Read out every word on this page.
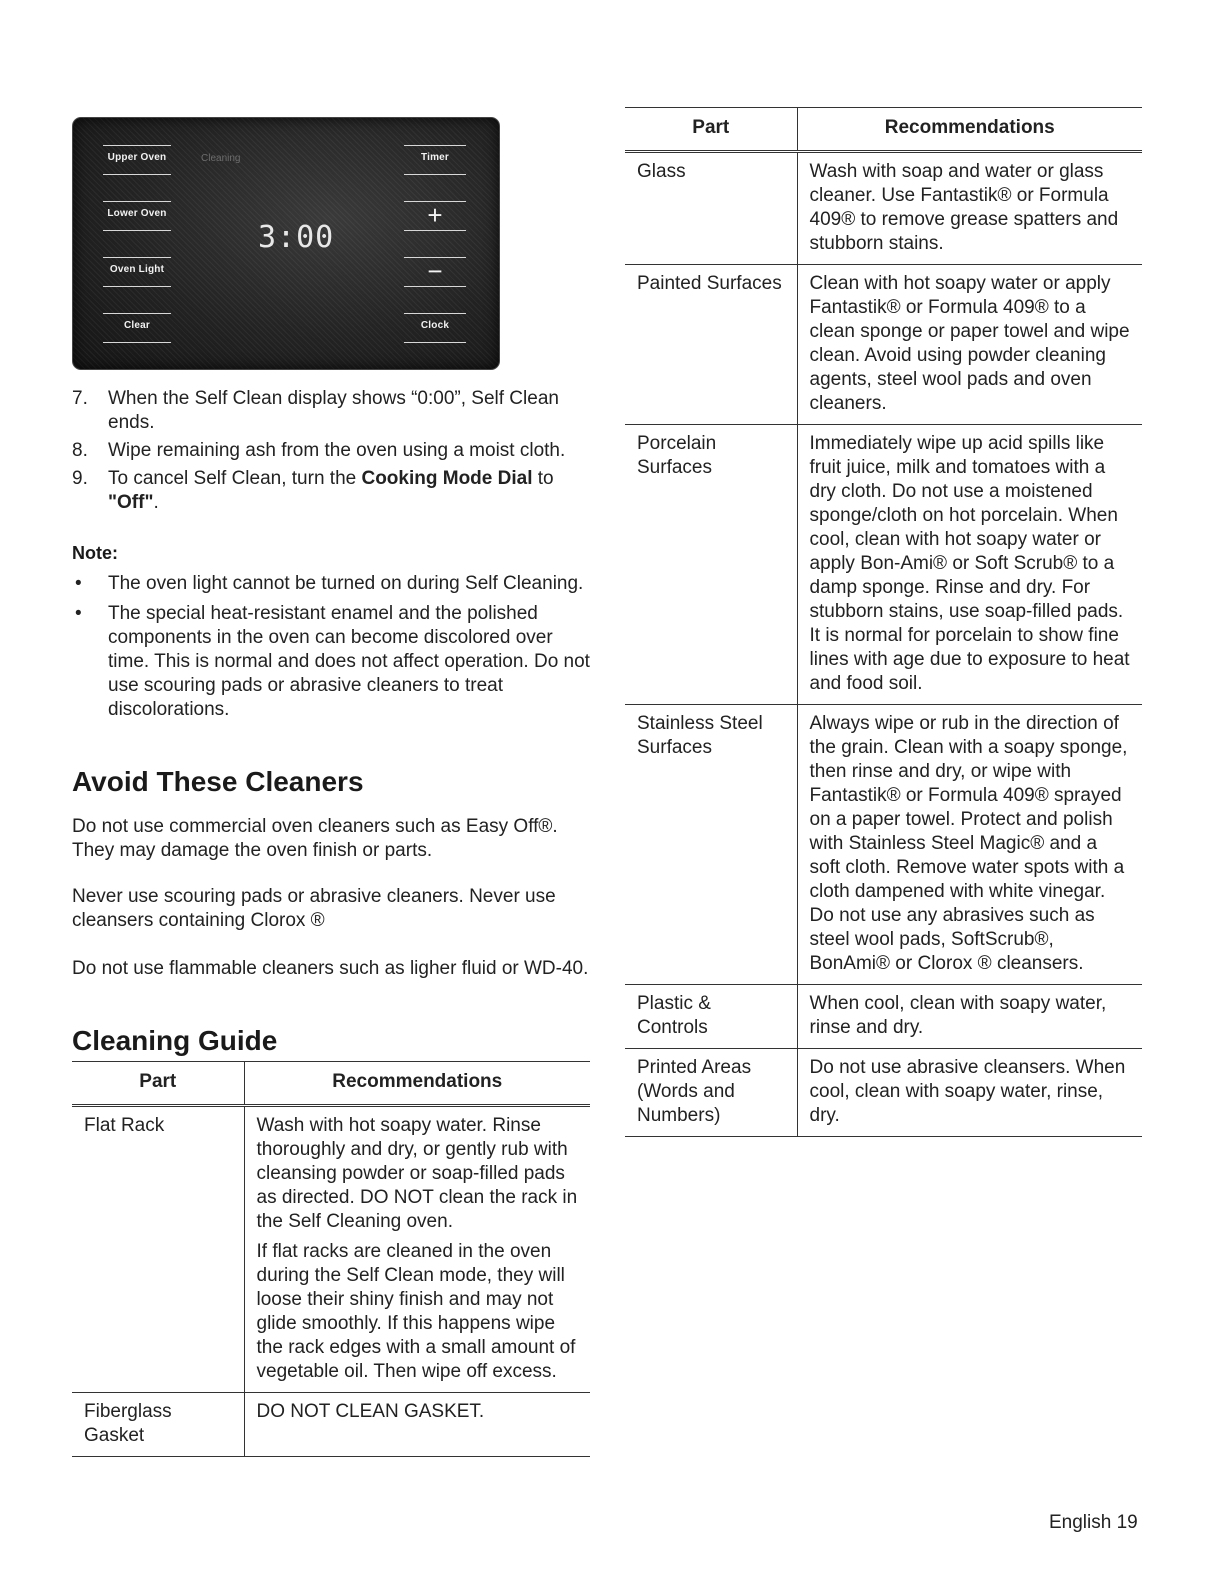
Upper Oven
Lower Oven
Oven Light
Clear
Cleaning
3:00
Timer
+
−
Clock
7. When the Self Clean display shows “0:00”, Self Clean ends.
8. Wipe remaining ash from the oven using a moist cloth.
9. To cancel Self Clean, turn the Cooking Mode Dial to "Off".

Note:

• The oven light cannot be turned on during Self Cleaning.
• The special heat-resistant enamel and the polished components in the oven can become discolored over time. This is normal and does not affect operation. Do not use scouring pads or abrasive cleaners to treat discolorations.
Avoid These Cleaners

Do not use commercial oven cleaners such as Easy Off®. They may damage the oven finish or parts.

Never use scouring pads or abrasive cleaners. Never use cleansers containing Clorox ®

Do not use flammable cleaners such as ligher fluid or WD-40.

Cleaning Guide
Part	Recommendations
Flat Rack	Wash with hot soapy water. Rinse thoroughly and dry, or gently rub with cleansing powder or soap-filled pads as directed. DO NOT clean the rack in the Self Cleaning oven.

If flat racks are cleaned in the oven during the Self Clean mode, they will loose their shiny finish and may not glide smoothly. If this happens wipe the rack edges with a small amount of vegetable oil. Then wipe off excess.

Fiberglass Gasket	DO NOT CLEAN GASKET.

Part	Recommendations
Glass	Wash with soap and water or glass cleaner. Use Fantastik® or Formula 409® to remove grease spatters and stubborn stains.

Painted Surfaces	Clean with hot soapy water or apply Fantastik® or Formula 409® to a clean sponge or paper towel and wipe clean. Avoid using powder cleaning agents, steel wool pads and oven cleaners.

Porcelain Surfaces	Immediately wipe up acid spills like fruit juice, milk and tomatoes with a dry cloth. Do not use a moistened sponge/cloth on hot porcelain. When cool, clean with hot soapy water or apply Bon-Ami® or Soft Scrub® to a damp sponge. Rinse and dry. For stubborn stains, use soap-filled pads. It is normal for porcelain to show fine lines with age due to exposure to heat and food soil.

Stainless Steel Surfaces	Always wipe or rub in the direction of the grain. Clean with a soapy sponge, then rinse and dry, or wipe with Fantastik® or Formula 409® sprayed on a paper towel. Protect and polish with Stainless Steel Magic® and a soft cloth. Remove water spots with a cloth dampened with white vinegar. Do not use any abrasives such as steel wool pads, SoftScrub®, BonAmi® or Clorox ® cleansers.

Plastic & Controls	When cool, clean with soapy water, rinse and dry.

Printed Areas (Words and Numbers)	Do not use abrasive cleansers. When cool, clean with soapy water, rinse, dry.

English 19
